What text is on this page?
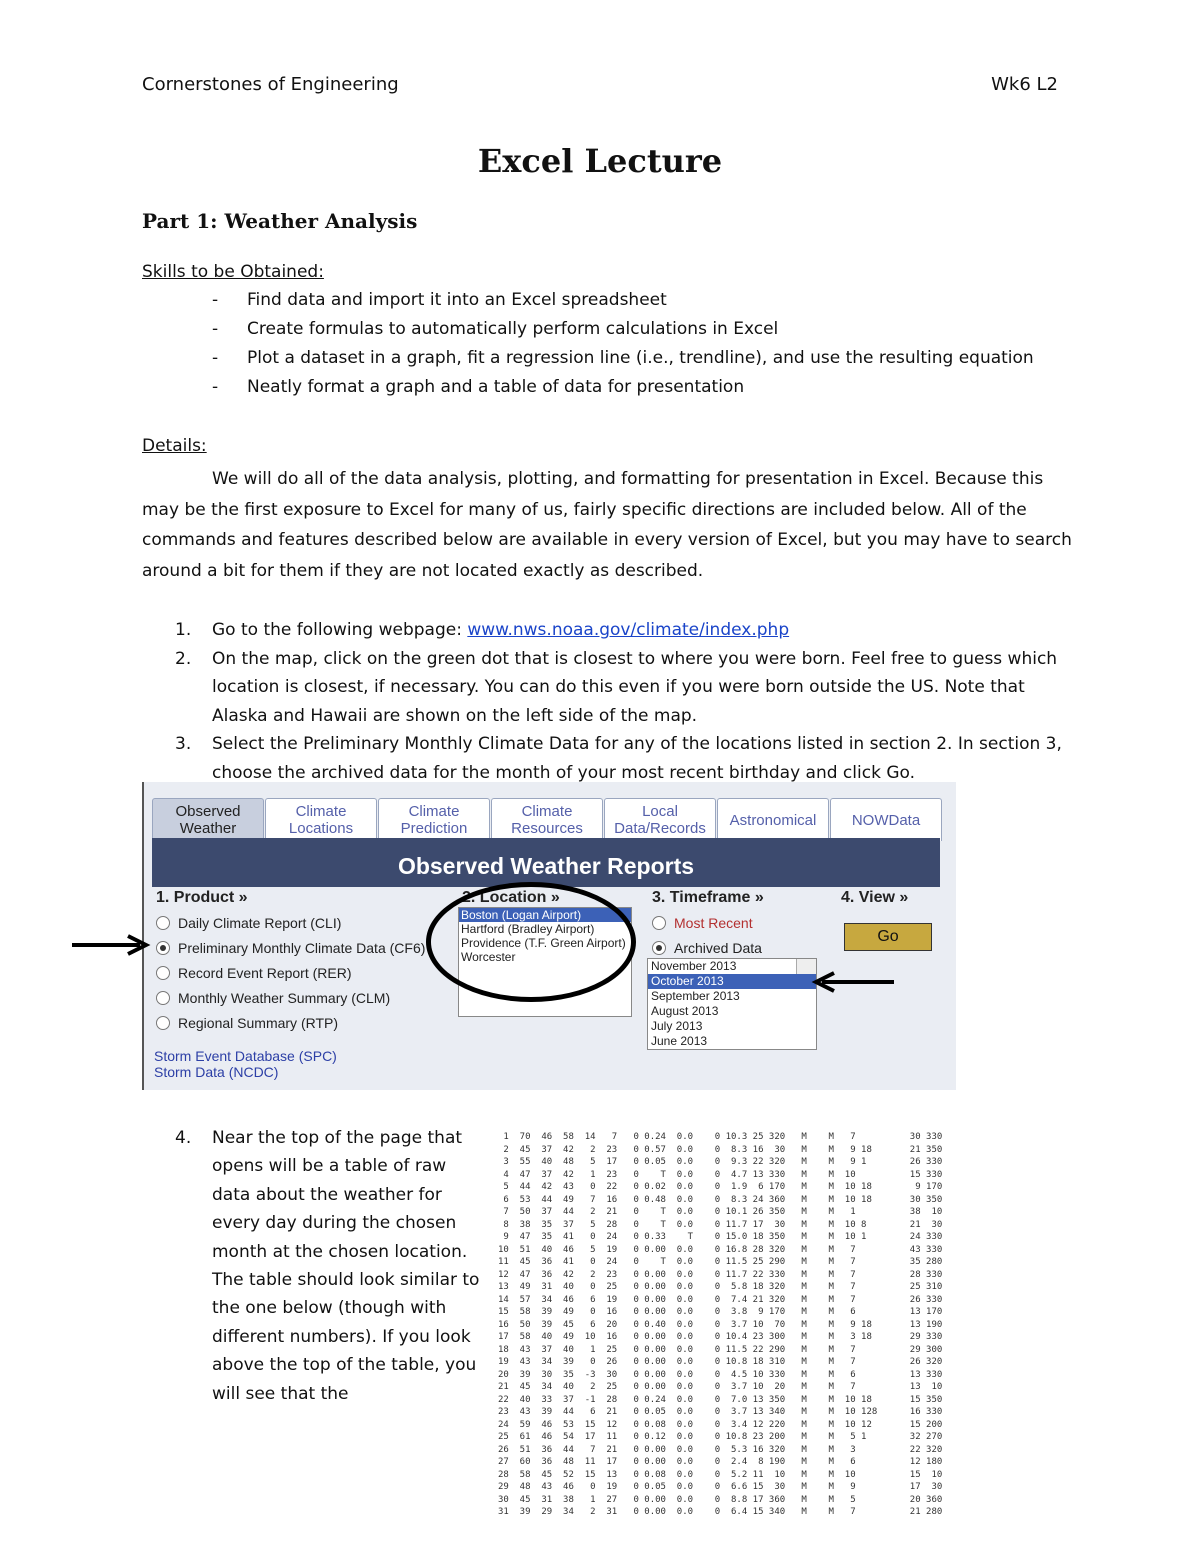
Cornerstones of Engineering	Wk6 L2
Excel Lecture
Part 1: Weather Analysis
Skills to be Obtained:
- Find data and import it into an Excel spreadsheet
- Create formulas to automatically perform calculations in Excel
- Plot a dataset in a graph, fit a regression line (i.e., trendline), and use the resulting equation
- Neatly format a graph and a table of data for presentation
Details:
We will do all of the data analysis, plotting, and formatting for presentation in Excel. Because this may be the first exposure to Excel for many of us, fairly specific directions are included below. All of the commands and features described below are available in every version of Excel, but you may have to search around a bit for them if they are not located exactly as described.
1. Go to the following webpage: www.nws.noaa.gov/climate/index.php
2. On the map, click on the green dot that is closest to where you were born. Feel free to guess which location is closest, if necessary. You can do this even if you were born outside the US. Note that Alaska and Hawaii are shown on the left side of the map.
3. Select the Preliminary Monthly Climate Data for any of the locations listed in section 2. In section 3, choose the archived data for the month of your most recent birthday and click Go.
Observed Weather
Climate Locations
Climate Prediction
Climate Resources
Local Data/Records	Astronomical	NOWData
Observed Weather Reports
1. Product »	2. Location »	3. Timeframe »	4. View »
Daily Climate Report (CLI)
Preliminary Monthly Climate Data (CF6)
Record Event Report (RER)
Monthly Weather Summary (CLM)
Regional Summary (RTP)
Storm Event Database (SPC)
Storm Data (NCDC)
Boston (Logan Airport)
Hartford (Bradley Airport)
Providence (T.F. Green Airport)
Worcester
Most Recent
Archived Data
November 2013
October 2013
September 2013
August 2013
July 2013
June 2013
Go
4. Near the top of the page that opens will be a table of raw data about the weather for every day during the chosen month at the chosen location. The table should look similar to the one below (though with different numbers). If you look above the top of the table, you will see that the
1  70  46  58  14   7   0 0.24  0.0    0 10.3 25 320   M    M   7          30 330
2  45  37  42   2  23   0 0.57  0.0    0  8.3 16  30   M    M   9 18       21 350
3  55  40  48   5  17   0 0.05  0.0    0  9.3 22 320   M    M   9 1        26 330
4  47  37  42   1  23   0    T  0.0    0  4.7 13 330   M    M  10          15 330
5  44  42  43   0  22   0 0.02  0.0    0  1.9  6 170   M    M  10 18        9 170
6  53  44  49   7  16   0 0.48  0.0    0  8.3 24 360   M    M  10 18       30 350
7  50  37  44   2  21   0    T  0.0    0 10.1 26 350   M    M   1          38  10
8  38  35  37   5  28   0    T  0.0    0 11.7 17  30   M    M  10 8        21  30
9  47  35  41   0  24   0 0.33    T    0 15.0 18 350   M    M  10 1        24 330
10  51  40  46   5  19   0 0.00  0.0    0 16.8 28 320   M    M   7          43 330
11  45  36  41   0  24   0    T  0.0    0 11.5 25 290   M    M   7          35 280
12  47  36  42   2  23   0 0.00  0.0    0 11.7 22 330   M    M   7          28 330
13  49  31  40   0  25   0 0.00  0.0    0  5.8 18 320   M    M   7          25 310
14  57  34  46   6  19   0 0.00  0.0    0  7.4 21 320   M    M   7          26 330
15  58  39  49   0  16   0 0.00  0.0    0  3.8  9 170   M    M   6          13 170
16  50  39  45   6  20   0 0.40  0.0    0  3.7 10  70   M    M   9 18       13 190
17  58  40  49  10  16   0 0.00  0.0    0 10.4 23 300   M    M   3 18       29 330
18  43  37  40   1  25   0 0.00  0.0    0 11.5 22 290   M    M   7          29 300
19  43  34  39   0  26   0 0.00  0.0    0 10.8 18 310   M    M   7          26 320
20  39  30  35  -3  30   0 0.00  0.0    0  4.5 10 330   M    M   6          13 330
21  45  34  40   2  25   0 0.00  0.0    0  3.7 10  20   M    M   7          13  10
22  40  33  37  -1  28   0 0.24  0.0    0  7.0 13 350   M    M  10 18       15 350
23  43  39  44   6  21   0 0.05  0.0    0  3.7 13 340   M    M  10 128      16 330
24  59  46  53  15  12   0 0.08  0.0    0  3.4 12 220   M    M  10 12       15 200
25  61  46  54  17  11   0 0.12  0.0    0 10.8 23 200   M    M   5 1        32 270
26  51  36  44   7  21   0 0.00  0.0    0  5.3 16 320   M    M   3          22 320
27  60  36  48  11  17   0 0.00  0.0    0  2.4  8 190   M    M   6          12 180
28  58  45  52  15  13   0 0.08  0.0    0  5.2 11  10   M    M  10          15  10
29  48  43  46   0  19   0 0.05  0.0    0  6.6 15  30   M    M   9          17  30
30  45  31  38   1  27   0 0.00  0.0    0  8.8 17 360   M    M   5          20 360
31  39  29  34   2  31   0 0.00  0.0    0  6.4 15 340   M    M   7          21 280
